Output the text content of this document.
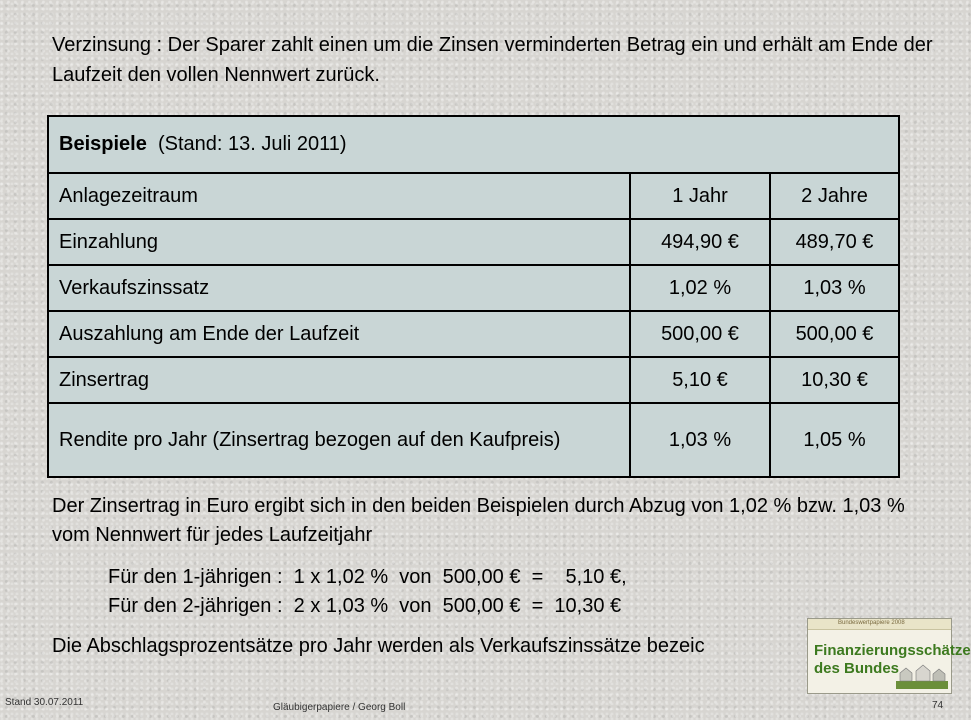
Verzinsung : Der Sparer zahlt einen um die Zinsen verminderten Betrag ein und erhält am Ende der Laufzeit den vollen Nennwert zurück.
Beispiele (Stand: 13. Juli 2011)		
Anlagezeitraum	1 Jahr	2 Jahre
Einzahlung	494,90 €	489,70 €
Verkaufszinssatz	1,02 %	1,03 %
Auszahlung am Ende der Laufzeit	500,00 €	500,00 €
Zinsertrag	5,10 €	10,30 €
Rendite pro Jahr (Zinsertrag bezogen auf den Kaufpreis)	1,03 %	1,05 %
Der Zinsertrag in Euro ergibt sich in den beiden Beispielen durch Abzug von 1,02 % bzw. 1,03 % vom Nennwert für jedes Laufzeitjahr
Für den 1-jährigen :  1 x 1,02 %  von  500,00 €  =    5,10 €,
Für den 2-jährigen :  2 x 1,03 %  von  500,00 €  =  10,30 €
Die Abschlagsprozentsätze pro Jahr werden als Verkaufszinssätze bezeic
Bundeswertpapiere 2008
Finanzierungsschätze
des Bundes
Stand 30.07.2011	Gläubigerpapiere / Georg Boll	74
